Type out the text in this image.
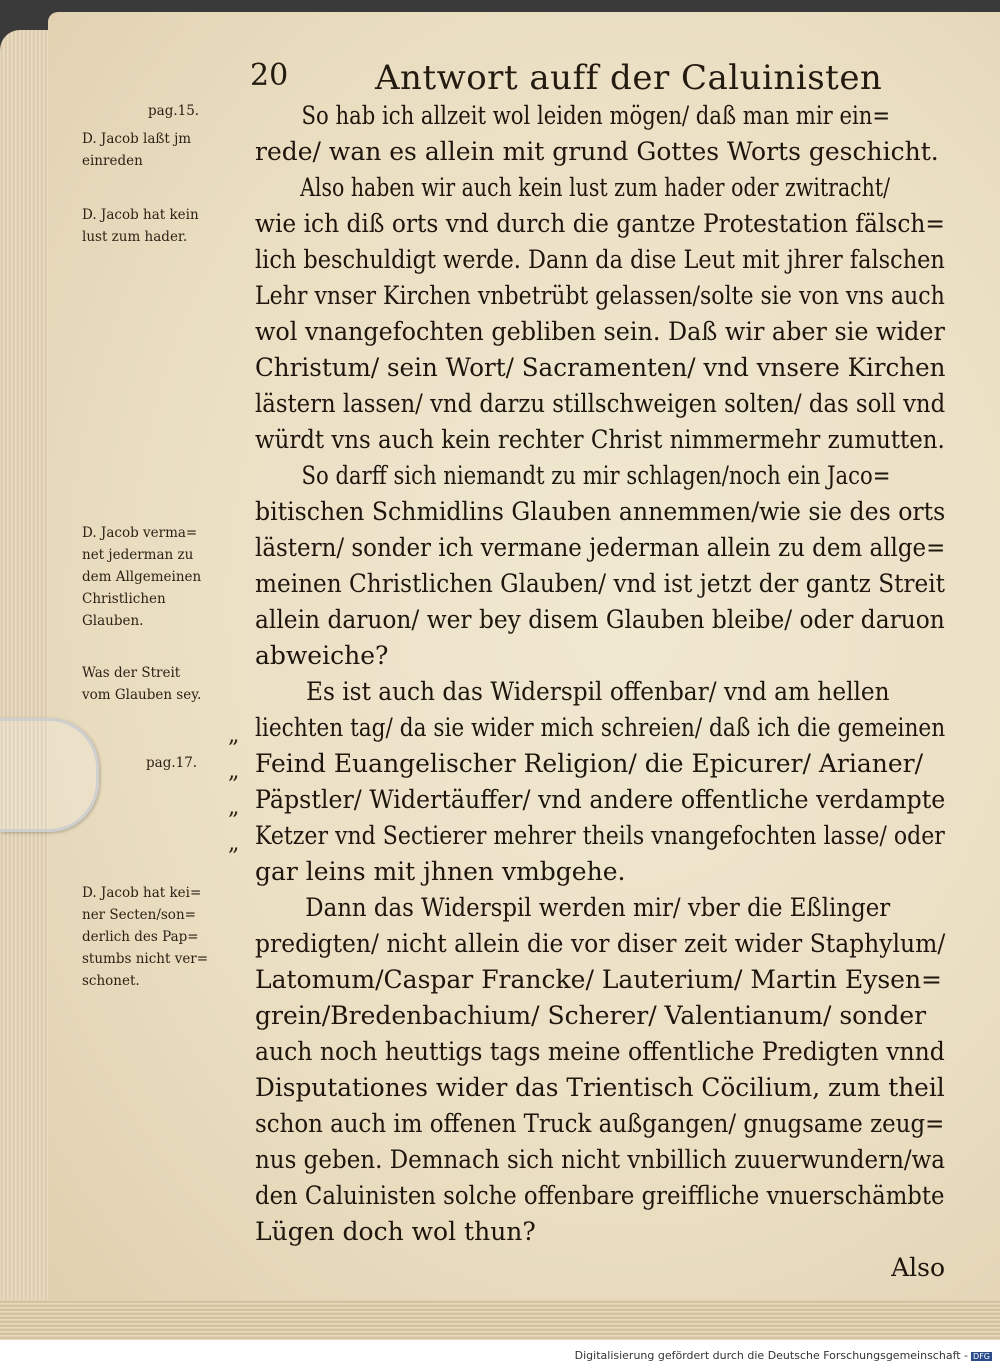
20	Antwort auff der Caluinisten
So hab ich allzeit wol leiden mögen/ daß man mir ein=
rede/ wan es allein mit grund Gottes Worts geschicht.
Also haben wir auch kein lust zum hader oder zwitracht/
wie ich diß orts vnd durch die gantze Protestation fälsch=
lich beschuldigt werde. Dann da dise Leut mit jhrer falschen
Lehr vnser Kirchen vnbetrübt gelassen/solte sie von vns auch
wol vnangefochten gebliben sein. Daß wir aber sie wider
Christum/ sein Wort/ Sacramenten/ vnd vnsere Kirchen
lästern lassen/ vnd darzu stillschweigen solten/ das soll vnd
würdt vns auch kein rechter Christ nimmermehr zumutten.
So darff sich niemandt zu mir schlagen/noch ein Jaco=
bitischen Schmidlins Glauben annemmen/wie sie des orts
lästern/ sonder ich vermane jederman allein zu dem allge=
meinen Christlichen Glauben/ vnd ist jetzt der gantz Streit
allein daruon/ wer bey disem Glauben bleibe/ oder daruon
abweiche?
Es ist auch das Widerspil offenbar/ vnd am hellen
liechten tag/ da sie wider mich schreien/ daß ich die gemeinen
Feind Euangelischer Religion/ die Epicurer/ Arianer/
Päpstler/ Widertäuffer/ vnd andere offentliche verdampte
Ketzer vnd Sectierer mehrer theils vnangefochten lasse/ oder
gar leins mit jhnen vmbgehe.
Dann das Widerspil werden mir/ vber die Eßlinger
predigten/ nicht allein die vor diser zeit wider Staphylum/
Latomum/Caspar Francke/ Lauterium/ Martin Eysen=
grein/Bredenbachium/ Scherer/ Valentianum/ sonder
auch noch heuttigs tags meine offentliche Predigten vnnd
Disputationes wider das Trientisch Cöcilium, zum theil
schon auch im offenen Truck außgangen/ gnugsame zeug=
nus geben. Demnach sich nicht vnbillich zuuerwundern/wa
den Caluinisten solche offenbare greiffliche vnuerschämbte
Lügen doch wol thun?
Also
„
„
„
„
pag.15.
D. Jacob laßt jm
einreden
D. Jacob hat kein
lust zum hader.
D. Jacob verma=
net jederman zu
dem Allgemeinen
Christlichen
Glauben.
Was der Streit
vom Glauben sey.
pag.17.
D. Jacob hat kei=
ner Secten/son=
derlich des Pap=
stumbs nicht ver=
schonet.
Digitalisierung gefördert durch die Deutsche Forschungsgemeinschaft - DFG
